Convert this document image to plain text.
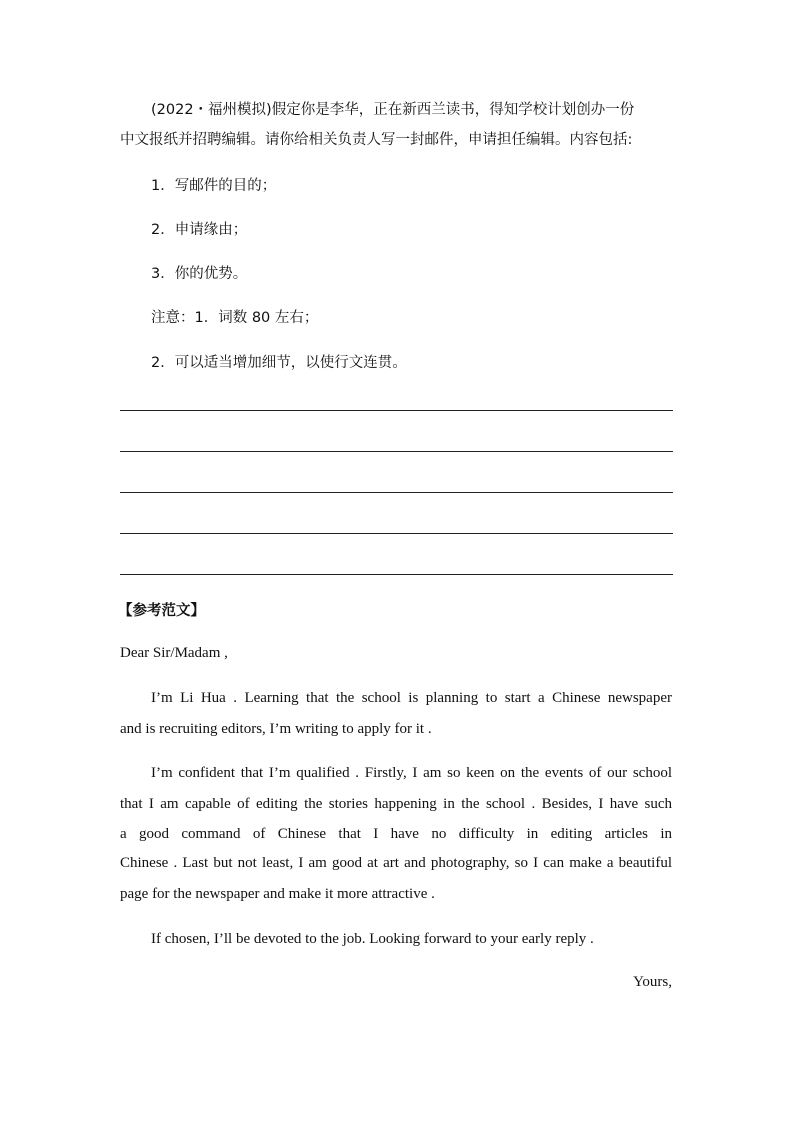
(2022・福州模拟)假定你是李华，正在新西兰读书，得知学校计划创办一份
中文报纸并招聘编辑。请你给相关负责人写一封邮件，申请担任编辑。内容包括:
1．写邮件的目的；
2．申请缘由；
3．你的优势。
注意：1．词数 80 左右；
2．可以适当增加细节，以使行文连贯。
【参考范文】
Dear Sir/Madam ,
I’m Li Hua . Learning that the school is planning to start a Chinese newspaper
and is recruiting editors, I’m writing to apply for it .
I’m confident that I’m qualified . Firstly, I am so keen on the events of our school
that I am capable of editing the stories happening in the school . Besides, I have such
a good command of Chinese that I have no difficulty in editing articles in
Chinese . Last but not least, I am good at art and photography, so I can make a beautiful
page for the newspaper and make it more attractive .
If chosen, I’ll be devoted to the job. Looking forward to your early reply .
Yours,
